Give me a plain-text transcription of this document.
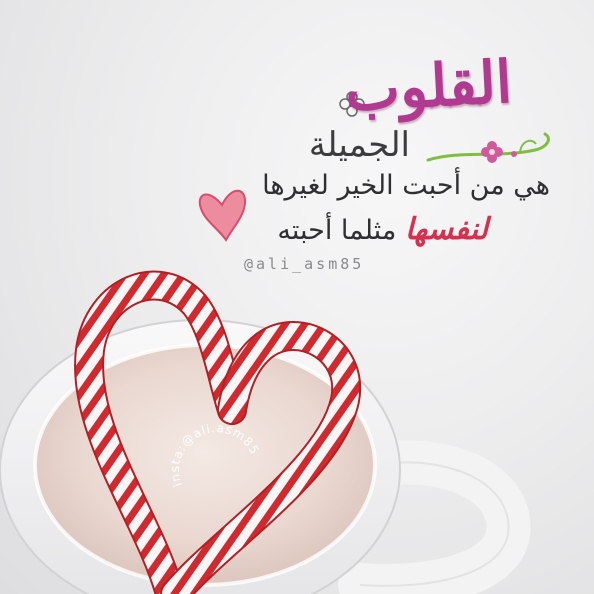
insta:@ali.asm85

القلوب

الجميلة

هي من أحبت الخير لغيرها

لنفسها مثلما أحبته

@ali_asm85
